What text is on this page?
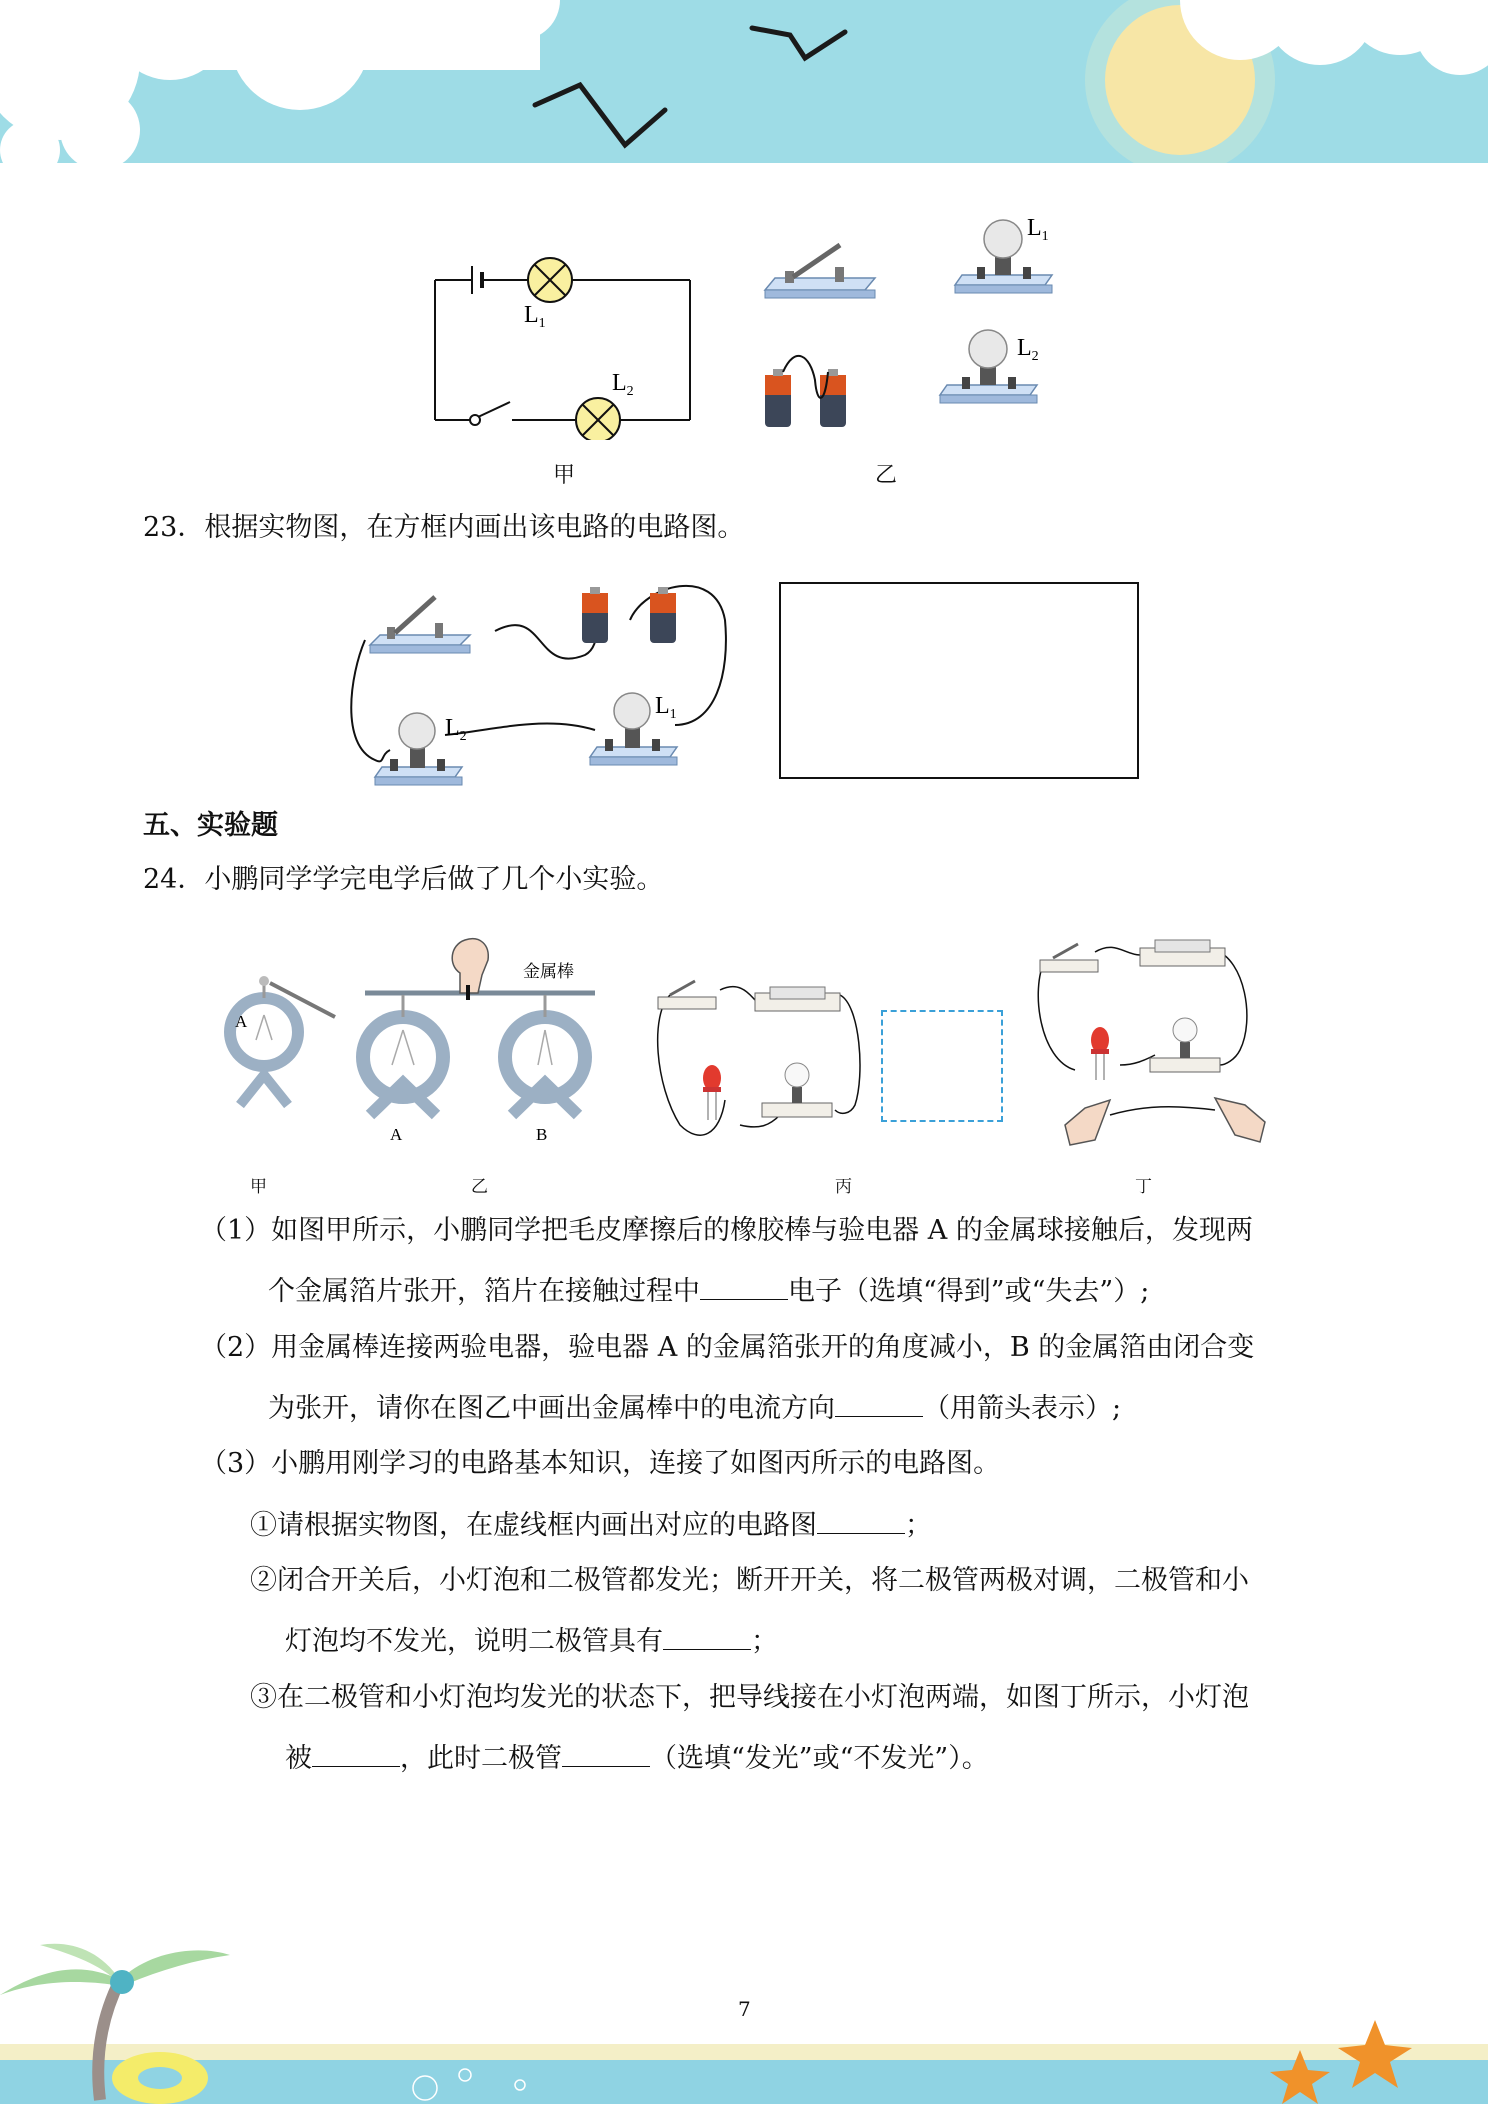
$L_1$
$L_2$
甲
$L_1$
$L_2$
乙
23．根据实物图，在方框内画出该电路的电路图。
$L_2$
$L_1$
五、实验题
24．小鹏同学学完电学后做了几个小实验。
A
金属棒
A	B
甲	乙	丙	丁
（1）如图甲所示，小鹏同学把毛皮摩擦后的橡胶棒与验电器 A 的金属球接触后，发现两
个金属箔片张开，箔片在接触过程中	电子（选填“得到”或“失去”）;
（2）用金属棒连接两验电器，验电器 A 的金属箔张开的角度减小，B 的金属箔由闭合变
为张开，请你在图乙中画出金属棒中的电流方向	（用箭头表示）;
（3）小鹏用刚学习的电路基本知识，连接了如图丙所示的电路图。
①请根据实物图，在虚线框内画出对应的电路图	；
②闭合开关后，小灯泡和二极管都发光；断开开关，将二极管两极对调，二极管和小
灯泡均不发光，说明二极管具有	；
③在二极管和小灯泡均发光的状态下，把导线接在小灯泡两端，如图丁所示，小灯泡
被	，此时二极管	（选填“发光”或“不发光”）。
7
